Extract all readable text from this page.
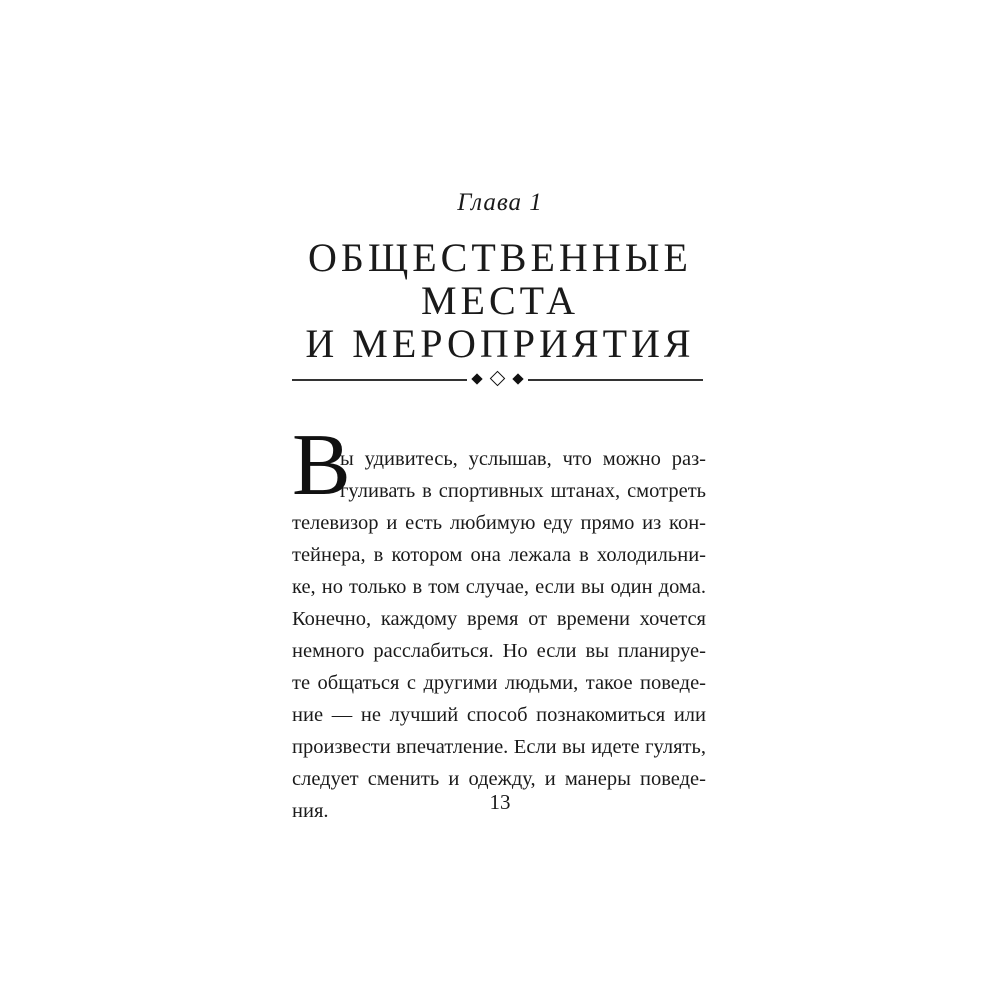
Глава 1
ОБЩЕСТВЕННЫЕ
МЕСТА
И МЕРОПРИЯТИЯ
В
ы удивитесь, услышав, что можно раз-
гуливать в спортивных штанах, смотреть
телевизор и есть любимую еду прямо из кон-
тейнера, в котором она лежала в холодильни-
ке, но только в том случае, если вы один дома.
Конечно, каждому время от времени хочется
немного расслабиться. Но если вы планируе-
те общаться с другими людьми, такое поведе-
ние — не лучший способ познакомиться или
произвести впечатление. Если вы идете гулять,
следует сменить и одежду, и манеры поведе-
ния.	13
